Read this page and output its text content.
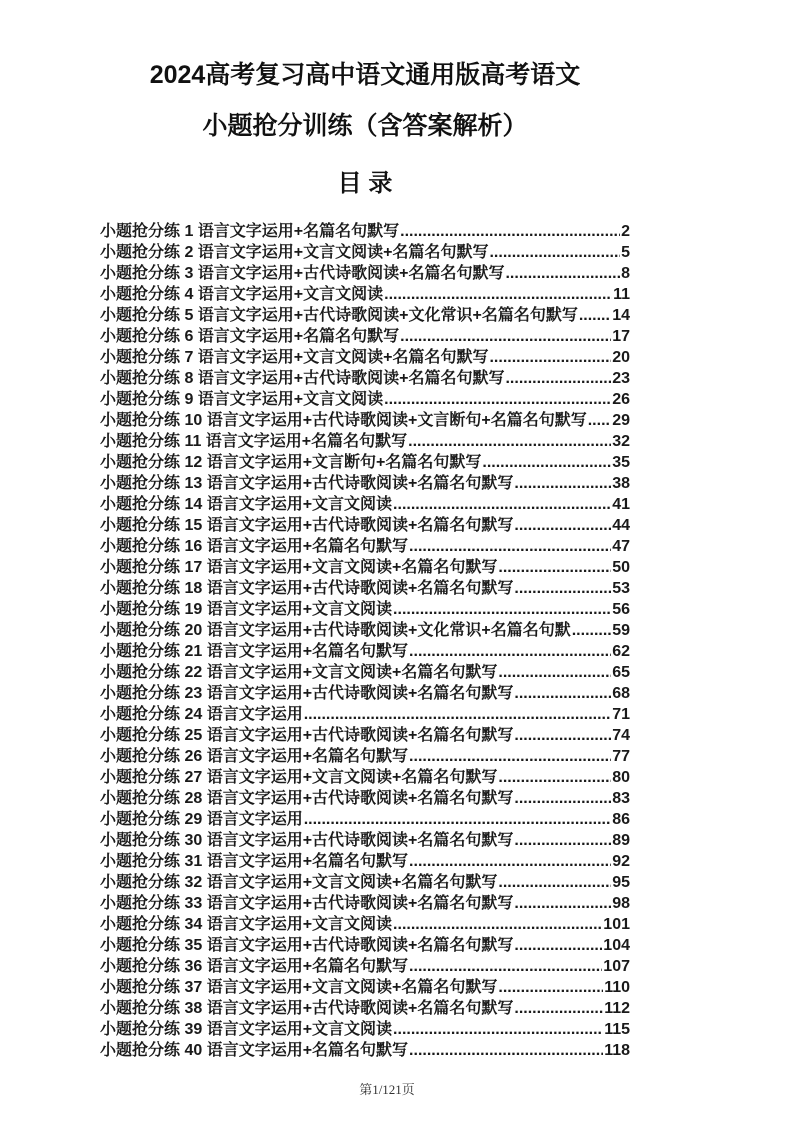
2024高考复习高中语文通用版高考语文
小题抢分训练（含答案解析）
目 录
小题抢分练 1 语言文字运用+名篇名句默写 .....	2
小题抢分练 2 语言文字运用+文言文阅读+名篇名句默写 .....	5
小题抢分练 3 语言文字运用+古代诗歌阅读+名篇名句默写 .....	8
小题抢分练 4 语言文字运用+文言文阅读 .....	11
小题抢分练 5 语言文字运用+古代诗歌阅读+文化常识+名篇名句默写 ..... 14
小题抢分练 6 语言文字运用+名篇名句默写 .....	17
小题抢分练 7 语言文字运用+文言文阅读+名篇名句默写 .....	20
小题抢分练 8 语言文字运用+古代诗歌阅读+名篇名句默写 .....	23
小题抢分练 9 语言文字运用+文言文阅读 .....	26
小题抢分练 10 语言文字运用+古代诗歌阅读+文言断句+名篇名句默写 ..... 29
小题抢分练 11 语言文字运用+名篇名句默写 .....	32
小题抢分练 12 语言文字运用+文言断句+名篇名句默写 .....	35
小题抢分练 13 语言文字运用+古代诗歌阅读+名篇名句默写 .....	38
小题抢分练 14 语言文字运用+文言文阅读 .....	41
小题抢分练 15 语言文字运用+古代诗歌阅读+名篇名句默写 .....	44
小题抢分练 16 语言文字运用+名篇名句默写 .....	47
小题抢分练 17 语言文字运用+文言文阅读+名篇名句默写 .....	50
小题抢分练 18 语言文字运用+古代诗歌阅读+名篇名句默写 .....	53
小题抢分练 19 语言文字运用+文言文阅读 .....	56
小题抢分练 20 语言文字运用+古代诗歌阅读+文化常识+名篇名句默 .....	59
小题抢分练 21 语言文字运用+名篇名句默写 .....	62
小题抢分练 22 语言文字运用+文言文阅读+名篇名句默写 .....	65
小题抢分练 23 语言文字运用+古代诗歌阅读+名篇名句默写 .....	68
小题抢分练 24 语言文字运用 .....	71
小题抢分练 25 语言文字运用+古代诗歌阅读+名篇名句默写 .....	74
小题抢分练 26 语言文字运用+名篇名句默写 .....	77
小题抢分练 27 语言文字运用+文言文阅读+名篇名句默写 .....	80
小题抢分练 28 语言文字运用+古代诗歌阅读+名篇名句默写 .....	83
小题抢分练 29 语言文字运用 .....	86
小题抢分练 30 语言文字运用+古代诗歌阅读+名篇名句默写 .....	89
小题抢分练 31 语言文字运用+名篇名句默写 .....	92
小题抢分练 32 语言文字运用+文言文阅读+名篇名句默写 .....	95
小题抢分练 33 语言文字运用+古代诗歌阅读+名篇名句默写 .....	98
小题抢分练 34 语言文字运用+文言文阅读 .....	101
小题抢分练 35 语言文字运用+古代诗歌阅读+名篇名句默写 .....	104
小题抢分练 36 语言文字运用+名篇名句默写 .....	107
小题抢分练 37 语言文字运用+文言文阅读+名篇名句默写 .....	110
小题抢分练 38 语言文字运用+古代诗歌阅读+名篇名句默写 .....	112
小题抢分练 39 语言文字运用+文言文阅读 .....	115
小题抢分练 40 语言文字运用+名篇名句默写 .....	118
第1/121页
